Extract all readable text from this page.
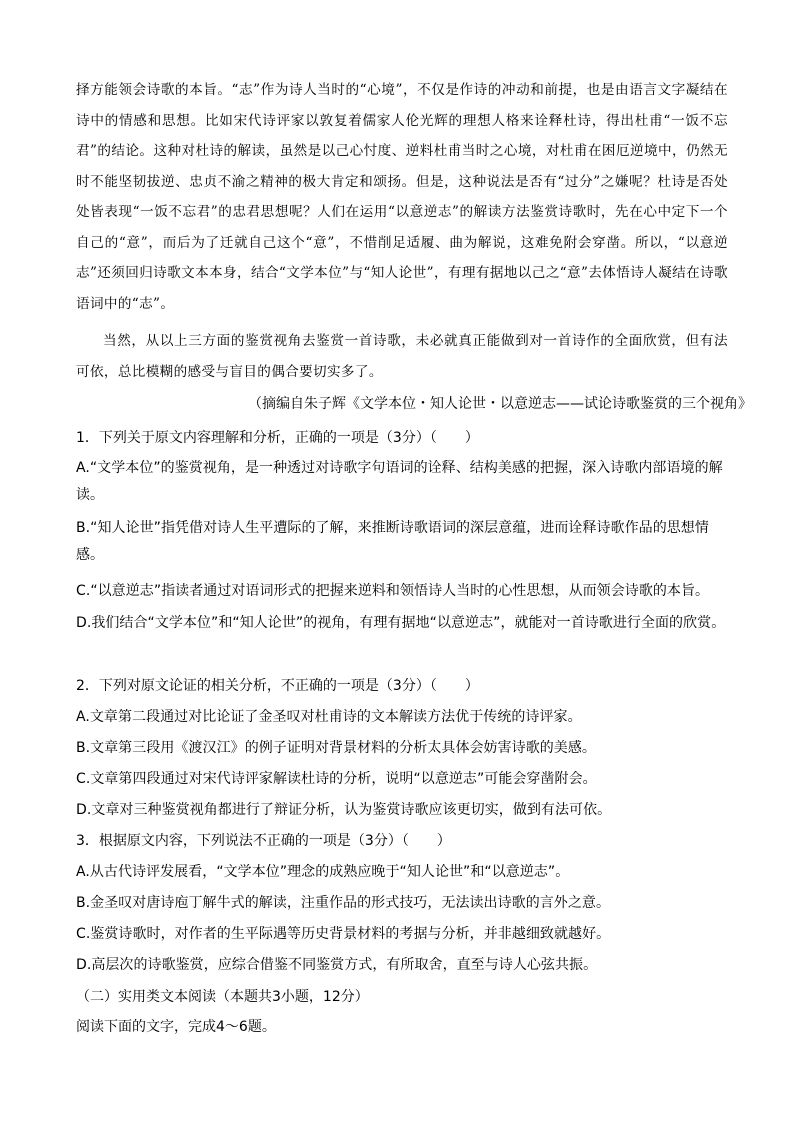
择方能领会诗歌的本旨。“志”作为诗人当时的“心境”，不仅是作诗的冲动和前提，也是由语言文字凝结在诗中的情感和思想。比如宋代诗评家以敦复着儒家人伦光辉的理想人格来诠释杜诗，得出杜甫“一饭不忘君”的结论。这种对杜诗的解读，虽然是以己心忖度、逆料杜甫当时之心境，对杜甫在困厄逆境中，仍然无时不能坚韧拔逆、忠贞不渝之精神的极大肯定和颂扬。但是，这种说法是否有“过分”之嫌呢？杜诗是否处处皆表现“一饭不忘君”的忠君思想呢？人们在运用“以意逆志”的解读方法鉴赏诗歌时，先在心中定下一个自己的“意”，而后为了迁就自己这个“意”，不惜削足适履、曲为解说，这难免附会穿凿。所以，“以意逆志”还须回归诗歌文本本身，结合“文学本位”与“知人论世”，有理有据地以己之“意”去体悟诗人凝结在诗歌语词中的“志”。

当然，从以上三方面的鉴赏视角去鉴赏一首诗歌，未必就真正能做到对一首诗作的全面欣赏，但有法可依，总比模糊的感受与盲目的偶合要切实多了。

（摘编自朱子辉《文学本位・知人论世・以意逆志——试论诗歌鉴赏的三个视角》
1．下列关于原文内容理解和分析，正确的一项是（3分）（　　）
A.“文学本位”的鉴赏视角，是一种透过对诗歌字句语词的诠释、结构美感的把握，深入诗歌内部语境的解读。
B.“知人论世”指凭借对诗人生平遭际的了解，来推断诗歌语词的深层意蕴，进而诠释诗歌作品的思想情感。
C.“以意逆志”指读者通过对语词形式的把握来逆料和领悟诗人当时的心性思想，从而领会诗歌的本旨。
D.我们结合“文学本位”和“知人论世”的视角，有理有据地“以意逆志”，就能对一首诗歌进行全面的欣赏。
2．下列对原文论证的相关分析，不正确的一项是（3分）（　　）
A.文章第二段通过对比论证了金圣叹对杜甫诗的文本解读方法优于传统的诗评家。
B.文章第三段用《渡汉江》的例子证明对背景材料的分析太具体会妨害诗歌的美感。
C.文章第四段通过对宋代诗评家解读杜诗的分析，说明“以意逆志”可能会穿凿附会。
D.文章对三种鉴赏视角都进行了辩证分析，认为鉴赏诗歌应该更切实，做到有法可依。
3．根据原文内容，下列说法不正确的一项是（3分）（　　）
A.从古代诗评发展看，“文学本位”理念的成熟应晚于“知人论世”和“以意逆志”。
B.金圣叹对唐诗庖丁解牛式的解读，注重作品的形式技巧，无法读出诗歌的言外之意。
C.鉴赏诗歌时，对作者的生平际遇等历史背景材料的考据与分析，并非越细致就越好。
D.高层次的诗歌鉴赏，应综合借鉴不同鉴赏方式，有所取舍，直至与诗人心弦共振。
（二）实用类文本阅读（本题共3小题，12分）
阅读下面的文字，完成4～6题。
